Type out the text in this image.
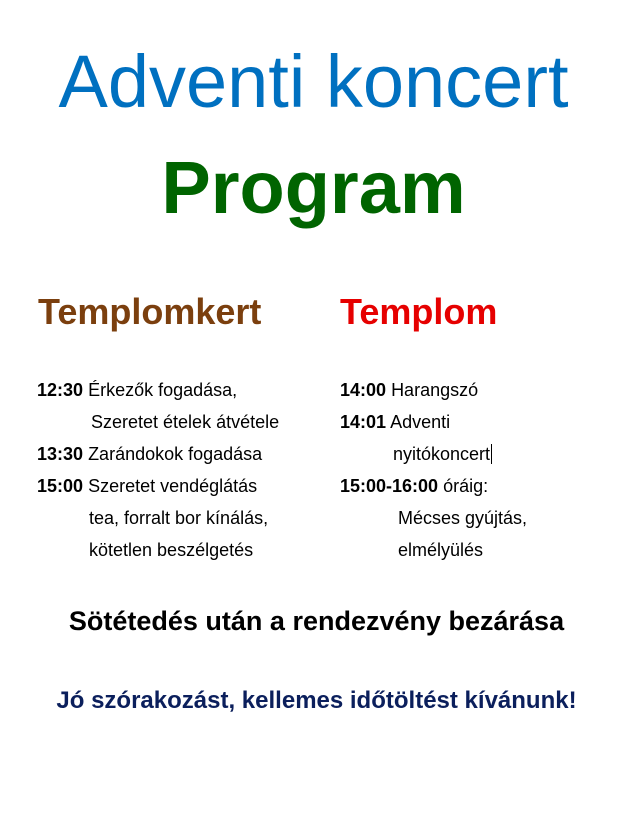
Adventi koncert
Program
Templomkert Templom
12:30 Érkezők fogadása,
Szeretet ételek átvétele
13:30 Zarándokok fogadása
15:00 Szeretet vendéglátás
tea, forralt bor kínálás,
kötetlen beszélgetés
14:00 Harangszó
14:01 Adventi
nyitókoncert
15:00-16:00 óráig:
Mécses gyújtás,
elmélyülés

Sötétedés után a rendezvény bezárása

Jó szórakozást, kellemes időtöltést kívánunk!
